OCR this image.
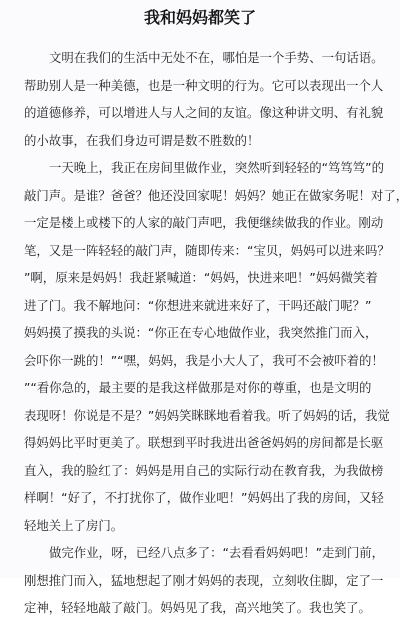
我和妈妈都笑了
文明在我们的生活中无处不在，哪怕是一个手势、一句话语。
帮助别人是一种美德，也是一种文明的行为。它可以表现出一个人
的道德修养，可以增进人与人之间的友谊。像这种讲文明、有礼貌
的小故事，在我们身边可谓是数不胜数的！
一天晚上，我正在房间里做作业，突然听到轻轻的“笃笃笃”的
敲门声。是谁？爸爸？他还没回家呢！妈妈？她正在做家务呢！对了，
一定是楼上或楼下的人家的敲门声吧，我便继续做我的作业。刚动
笔，又是一阵轻轻的敲门声，随即传来：“宝贝，妈妈可以进来吗？
”啊，原来是妈妈！我赶紧喊道：“妈妈，快进来吧！”妈妈微笑着
进了门。我不解地问：“你想进来就进来好了，干吗还敲门呢？”
妈妈摸了摸我的头说：“你正在专心地做作业，我突然推门而入，
会吓你一跳的！”“嘿，妈妈，我是小大人了，我可不会被吓着的！
”“看你急的，最主要的是我这样做那是对你的尊重，也是文明的
表现呀！你说是不是？”妈妈笑眯眯地看着我。听了妈妈的话，我觉
得妈妈比平时更美了。联想到平时我进出爸爸妈妈的房间都是长驱
直入，我的脸红了：妈妈是用自己的实际行动在教育我，为我做榜
样啊！“好了，不打扰你了，做作业吧！”妈妈出了我的房间，又轻
轻地关上了房门。
做完作业，呀，已经八点多了：“去看看妈妈吧！”走到门前，
刚想推门而入，猛地想起了刚才妈妈的表现，立刻收住脚，定了一
定神，轻轻地敲了敲门。妈妈见了我，高兴地笑了。我也笑了。
